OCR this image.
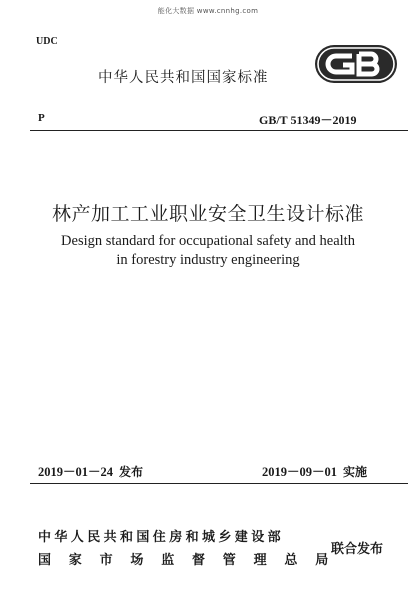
能化大数据 www.cnnhg.com
UDC
中华人民共和国国家标准
P	GB/T 51349－2019
林产加工工业职业安全卫生设计标准
Design standard for occupational safety and health
in forestry industry engineering
2019－01－24 发布	2019－09－01 实施
中华人民共和国住房和城乡建设部
国家市场监督管理总局
联合发布
